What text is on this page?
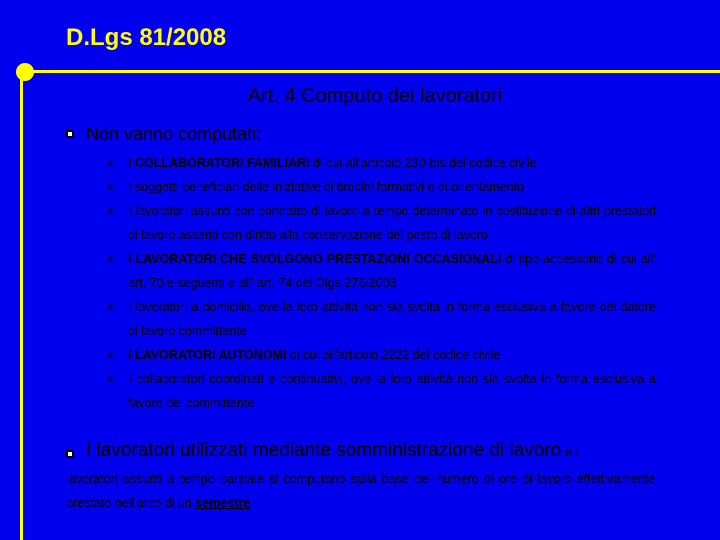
D.Lgs 81/2008
Art. 4 Computo dei lavoratori
Non vanno computati:
➢ I COLLABORATORI FAMILIARI di cui all’articolo 230-bis del codice civile
➢ I soggetti beneficiari delle iniziative di tirocini formativi e di orientamento
➢ I lavoratori assunti con contratto di lavoro a tempo determinato in sostituzione di altri prestatori di lavoro assenti con diritto alla conservazione del posto di lavoro
➢ I LAVORATORI CHE SVOLGONO PRESTAZIONI OCCASIONALI di tipo accessorio di cui all’ art. 70 e seguenti e all’ art. 74 del Dlgs 276/2003
➢ I lavoratori a domicilio, ove la loro attività non sia svolta in forma esclusiva a favore del datore di lavoro committente
➢ I LAVORATORI AUTONOMI di cui all’articolo 2222 del codice civile
➢ I collaboratori coordinati e continuativi, ove la loro attività non sia svolta in forma esclusiva a favore del committente
I lavoratori utilizzati mediante somministrazione di lavoro e i
lavoratori assunti a tempo parziale si computano sulla base del numero di ore di lavoro effettivamente prestato nell’arco di un semestre
